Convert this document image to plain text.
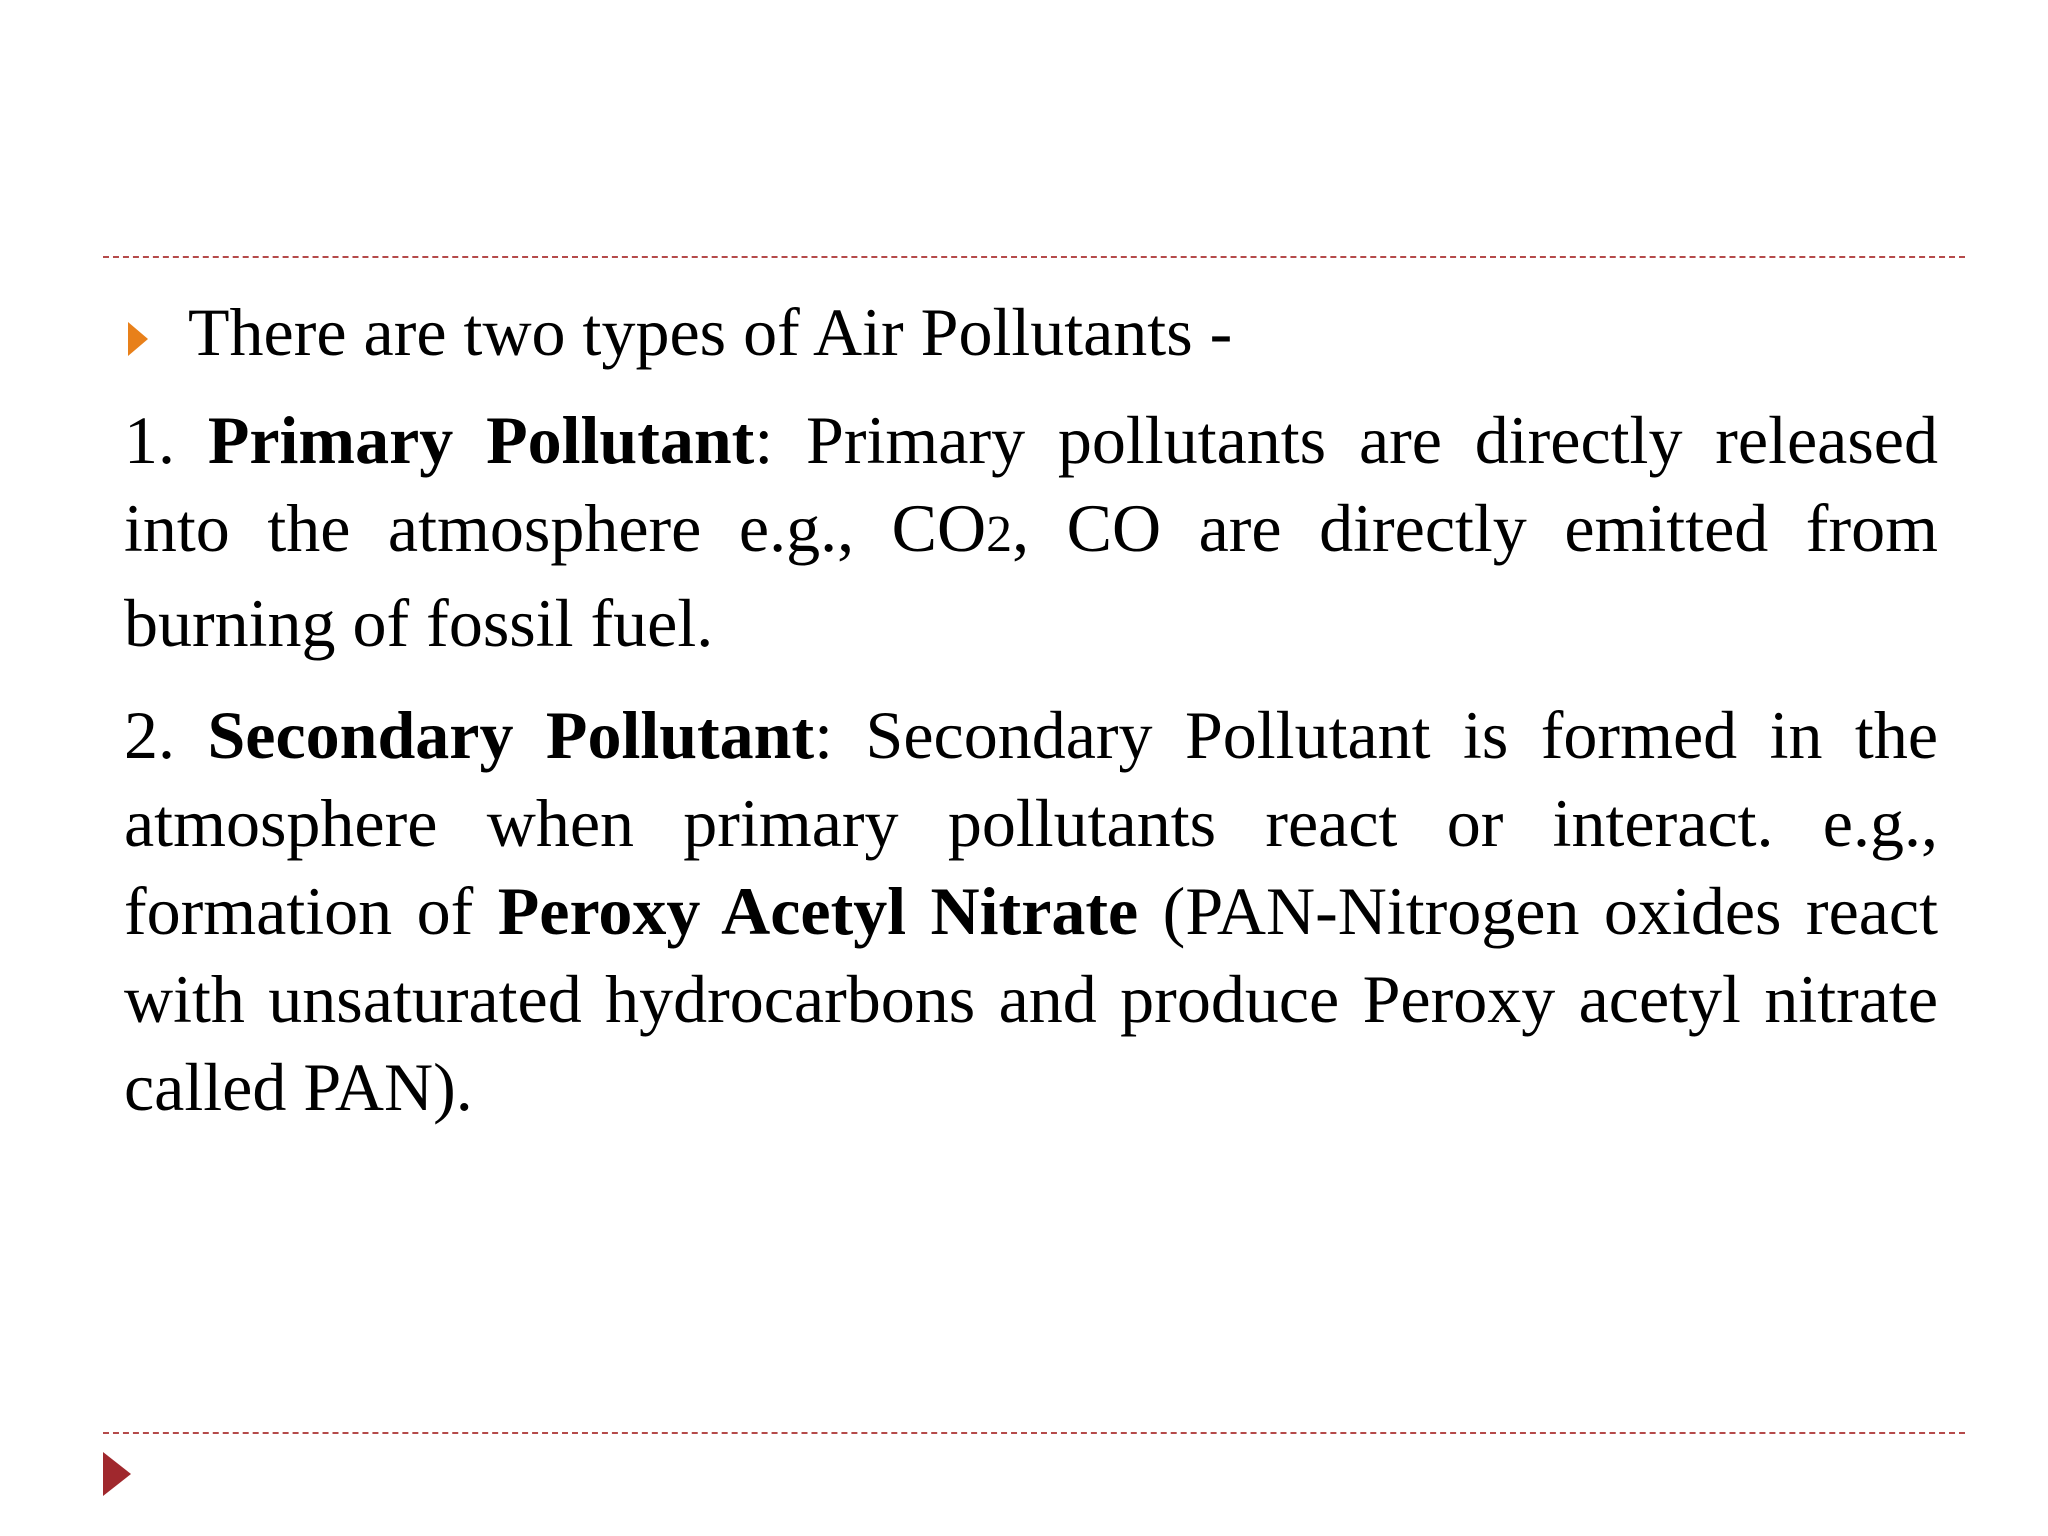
There are two types of Air Pollutants -

1. Primary Pollutant: Primary pollutants are directly released into the atmosphere e.g., CO2, CO are directly emitted from burning of fossil fuel.

2. Secondary Pollutant: Secondary Pollutant is formed in the atmosphere when primary pollutants react or interact. e.g., formation of Peroxy Acetyl Nitrate (PAN-Nitrogen oxides react with unsaturated hydrocarbons and produce Peroxy acetyl nitrate called PAN).
